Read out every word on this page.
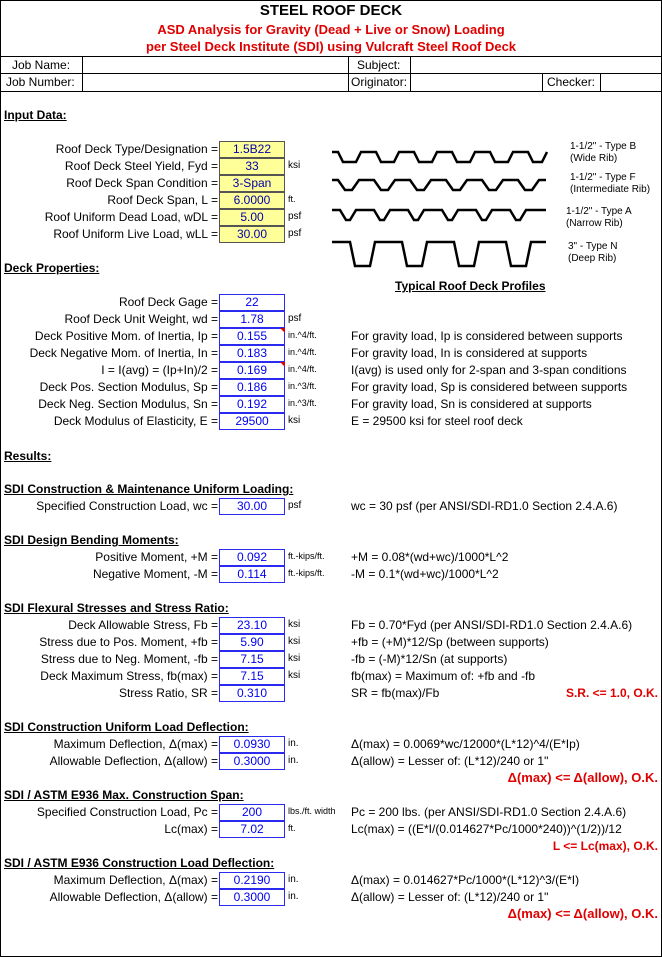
STEEL ROOF DECK
ASD Analysis for Gravity (Dead + Live or Snow) Loading
per Steel Deck Institute (SDI) using Vulcraft Steel Roof Deck
Job Name:	Subject:
Job Number:	Originator:	Checker:
Input Data:
Roof Deck Type/Designation =	1.5B22
Roof Deck Steel Yield, Fyd =	33	ksi
Roof Deck Span Condition =	3-Span
Roof Deck Span, L =	6.0000	ft.
Roof Uniform Dead Load, wDL =	5.00	psf
Roof Uniform Live Load, wLL =	30.00	psf
1-1/2" - Type B
(Wide Rib)
1-1/2" - Type F
(Intermediate Rib)
1-1/2" - Type A
(Narrow Rib)
3" - Type N
(Deep Rib)
Typical Roof Deck Profiles
Deck Properties:
Roof Deck Gage =	22
Roof Deck Unit Weight, wd =	1.78	psf
Deck Positive Mom. of Inertia, Ip =	0.155	in.^4/ft.	For gravity load, Ip is considered between supports
Deck Negative Mom. of Inertia, In =	0.183	in.^4/ft.	For gravity load, In is considered at supports
I = I(avg) = (Ip+In)/2 =	0.169	in.^4/ft.	I(avg) is used only for 2-span and 3-span conditions
Deck Pos. Section Modulus, Sp =	0.186	in.^3/ft.	For gravity load, Sp is considered between supports
Deck Neg. Section Modulus, Sn =	0.192	in.^3/ft.	For gravity load, Sn is considered at supports
Deck Modulus of Elasticity, E =	29500	ksi	E = 29500 ksi for steel roof deck
Results:
SDI Construction & Maintenance Uniform Loading:
Specified Construction Load, wc =	30.00	psf	wc = 30 psf (per ANSI/SDI-RD1.0 Section 2.4.A.6)
SDI Design Bending Moments:
Positive Moment, +M =	0.092	ft.-kips/ft. +M = 0.08*(wd+wc)/1000*L^2
Negative Moment, -M =	0.114	ft.-kips/ft. -M = 0.1*(wd+wc)/1000*L^2
SDI Flexural Stresses and Stress Ratio:
Deck Allowable Stress, Fb =	23.10	ksi	Fb = 0.70*Fyd (per ANSI/SDI-RD1.0 Section 2.4.A.6)
Stress due to Pos. Moment, +fb =	5.90	ksi	+fb = (+M)*12/Sp (between supports)
Stress due to Neg. Moment, -fb =	7.15	ksi	-fb = (-M)*12/Sn (at supports)
Deck Maximum Stress, fb(max) =	7.15	ksi	fb(max) = Maximum of: +fb and -fb
Stress Ratio, SR =	0.310	SR = fb(max)/Fb	S.R. <= 1.0, O.K.
SDI Construction Uniform Load Deflection:
Maximum Deflection, Δ(max) =	0.0930	in.	Δ(max) = 0.0069*wc/12000*(L*12)^4/(E*Ip)
Allowable Deflection, Δ(allow) =	0.3000	in.	Δ(allow) = Lesser of: (L*12)/240 or 1"
Δ(max) <= Δ(allow), O.K.
SDI / ASTM E936 Max. Construction Span:
Specified Construction Load, Pc =	200	lbs./ft. width Pc = 200 lbs. (per ANSI/SDI-RD1.0 Section 2.4.A.6)
Lc(max) =	7.02	ft.	Lc(max) = ((E*I/(0.014627*Pc/1000*240))^(1/2))/12
L <= Lc(max), O.K.
SDI / ASTM E936 Construction Load Deflection:
Maximum Deflection, Δ(max) =	0.2190	in.	Δ(max) = 0.014627*Pc/1000*(L*12)^3/(E*I)
Allowable Deflection, Δ(allow) =	0.3000	in.	Δ(allow) = Lesser of: (L*12)/240 or 1"
Δ(max) <= Δ(allow), O.K.
